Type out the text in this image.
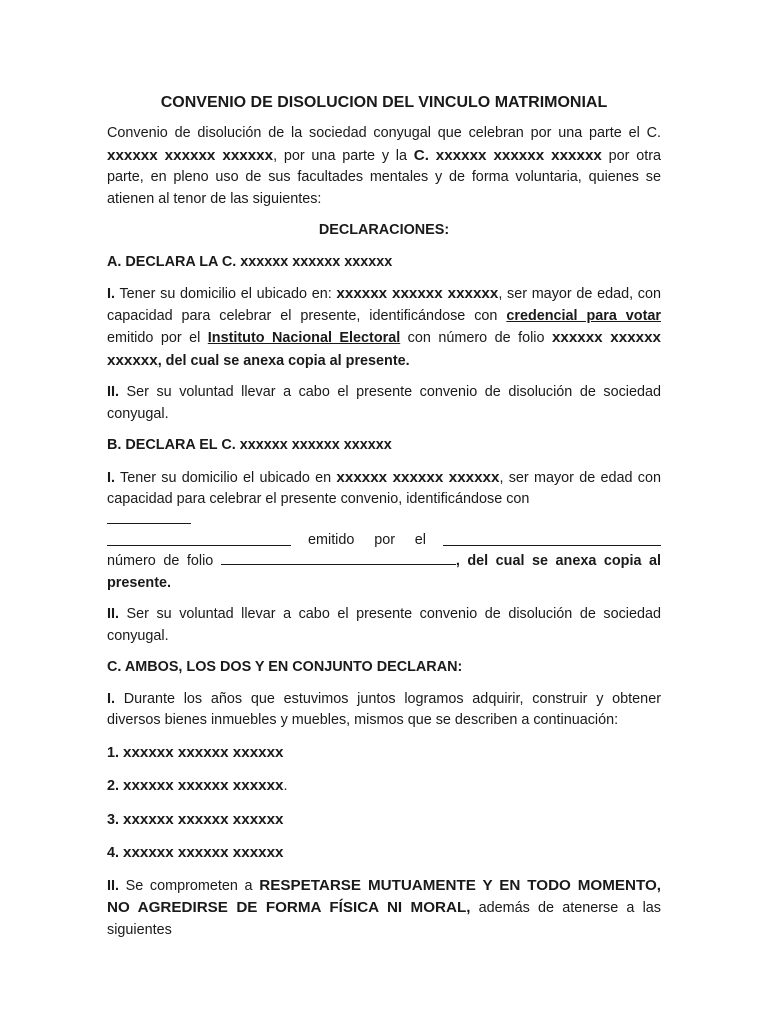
CONVENIO DE DISOLUCION DEL VINCULO MATRIMONIAL

Convenio de disolución de la sociedad conyugal que celebran por una parte el C. xxxxxx xxxxxx xxxxxx, por una parte y la C. xxxxxx xxxxxx xxxxxx por otra parte, en pleno uso de sus facultades mentales y de forma voluntaria, quienes se atienen al tenor de las siguientes:

DECLARACIONES:

A. DECLARA LA C. xxxxxx xxxxxx xxxxxx

I. Tener su domicilio el ubicado en: xxxxxx xxxxxx xxxxxx, ser mayor de edad, con capacidad para celebrar el presente, identificándose con credencial para votar emitido por el Instituto Nacional Electoral con número de folio xxxxxx xxxxxx xxxxxx, del cual se anexa copia al presente.

II. Ser su voluntad llevar a cabo el presente convenio de disolución de sociedad conyugal.

B. DECLARA EL C. xxxxxx xxxxxx xxxxxx

I. Tener su domicilio el ubicado en xxxxxx xxxxxx xxxxxx, ser mayor de edad con capacidad para celebrar el presente convenio, identificándose con

emitido por el

número de folio	, del cual se anexa copia al presente.

II. Ser su voluntad llevar a cabo el presente convenio de disolución de sociedad conyugal.

C. AMBOS, LOS DOS Y EN CONJUNTO DECLARAN:

I. Durante los años que estuvimos juntos logramos adquirir, construir y obtener diversos bienes inmuebles y muebles, mismos que se describen a continuación:

1. xxxxxx xxxxxx xxxxxx

2. xxxxxx xxxxxx xxxxxx.

3. xxxxxx xxxxxx xxxxxx

4. xxxxxx xxxxxx xxxxxx

II. Se comprometen a RESPETARSE MUTUAMENTE Y EN TODO MOMENTO, NO AGREDIRSE DE FORMA FÍSICA NI MORAL, además de atenerse a las siguientes
